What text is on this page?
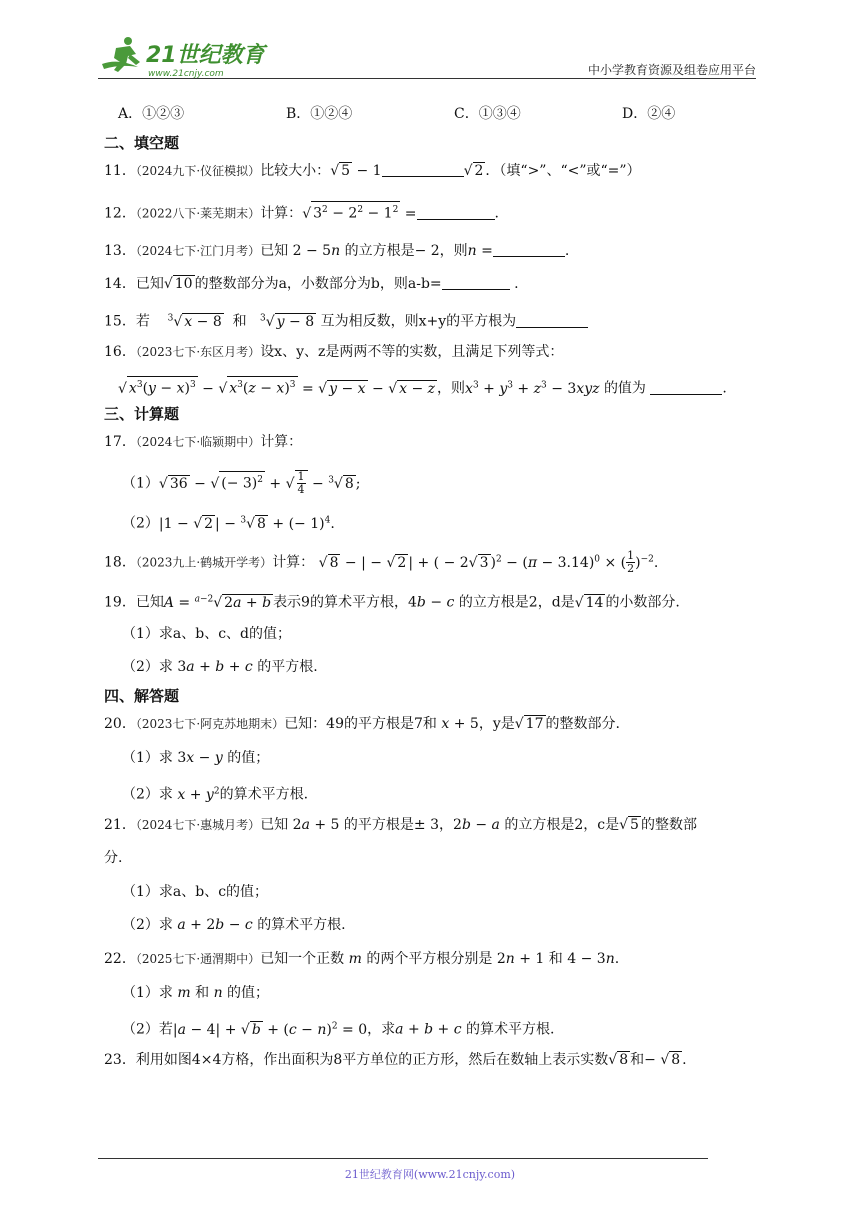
21世纪教育
www.21cnjy.com	中小学教育资源及组卷应用平台
A．①②③	B．①②④	C．①③④	D．②④
二、填空题
11．（2024九下·仪征模拟）比较大小：√ 5 − 1	√ 2 ．（填“>”、“<”或“=”）
12．（2022八下·莱芜期末）计算：√ $3^2 - 2^2 - 1^2$ =	.
13．（2024七下·江门月考）已知 2 − 5n 的立方根是− 2，则n =	.
14．已知√ 10 的整数部分为a，小数部分为b，则a-b=	.
15．若 $^3$√ x − 8 和 $^3$√ y − 8 互为相反数，则x+y的平方根为
16．（2023七下·东区月考）设x、y、z是两两不等的实数，且满足下列等式：
√ $x^3(y - x)^3$ − √ $x^3(z - x)^3$ = √ y − x − √ x − z ，则$x^3 + y^3 + z^3 - 3xyz$ 的值为	.
三、计算题
17．（2024七下·临颍期中）计算：
（1）√ 36 − √ (− 3)$^2$ + √ $\frac{1}{4} - ^3√$ 8 ;
（2）|1 − √ 2 | − $^3$√ 8 + (− 1)$^4$.
18．（2023九上·鹤城开学考）计算： √ 8 − | − √ 2 | + ( − 2√ 3 )$^2 - (\pi - 3.14)^0$ × ( $\frac{1}{2} )^{-2}$.
19．已知A = $^{a-2}$√ 2a + b 表示9的算术平方根，4b − c 的立方根是2，d是√ 14 的小数部分.
（1）求a、b、c、d的值；
（2）求 3a + b + c 的平方根.
四、解答题
20．（2023七下·阿克苏地期末）已知：49的平方根是7和 x + 5，y是√ 17 的整数部分.
（1）求 3x − y 的值；
（2）求 $x + y^2$的算术平方根.
21．（2024七下·惠城月考）已知 2a + 5 的平方根是± 3，2b − a 的立方根是2，c是√ 5 的整数部
分.
（1）求a、b、c的值；
（2）求 a + 2b − c 的算术平方根.
22．（2025七下·通渭期中）已知一个正数 m 的两个平方根分别是 2n + 1 和 4 − 3n.
（1）求 m 和 n 的值；
（2）若|a − 4| + √ $b + (c - n)^2 = 0$，求a + b + c 的算术平方根.
23．利用如图4×4方格，作出面积为8平方单位的正方形，然后在数轴上表示实数√ 8 和− √ 8 .
21世纪教育网(www.21cnjy.com)
